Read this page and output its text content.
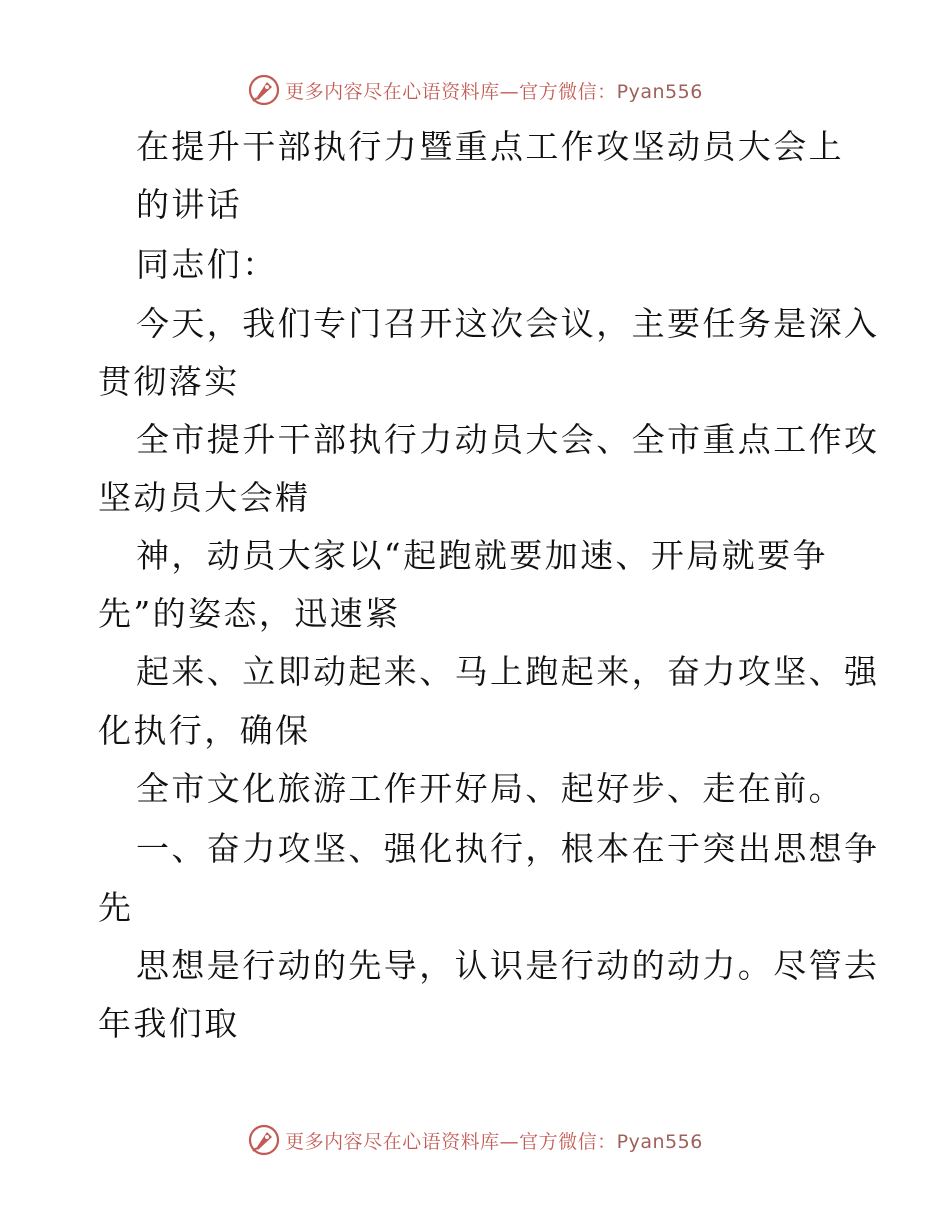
更多内容尽在心语资料库—官方微信：Pyan556
在提升干部执行力暨重点工作攻坚动员大会上
的讲话
同志们：
今天，我们专门召开这次会议，主要任务是深入
贯彻落实
全市提升干部执行力动员大会、全市重点工作攻
坚动员大会精
神，动员大家以“起跑就要加速、开局就要争
先”的姿态，迅速紧
起来、立即动起来、马上跑起来，奋力攻坚、强
化执行，确保
全市文化旅游工作开好局、起好步、走在前。
一、奋力攻坚、强化执行，根本在于突出思想争
先
思想是行动的先导，认识是行动的动力。尽管去
年我们取
更多内容尽在心语资料库—官方微信：Pyan556
